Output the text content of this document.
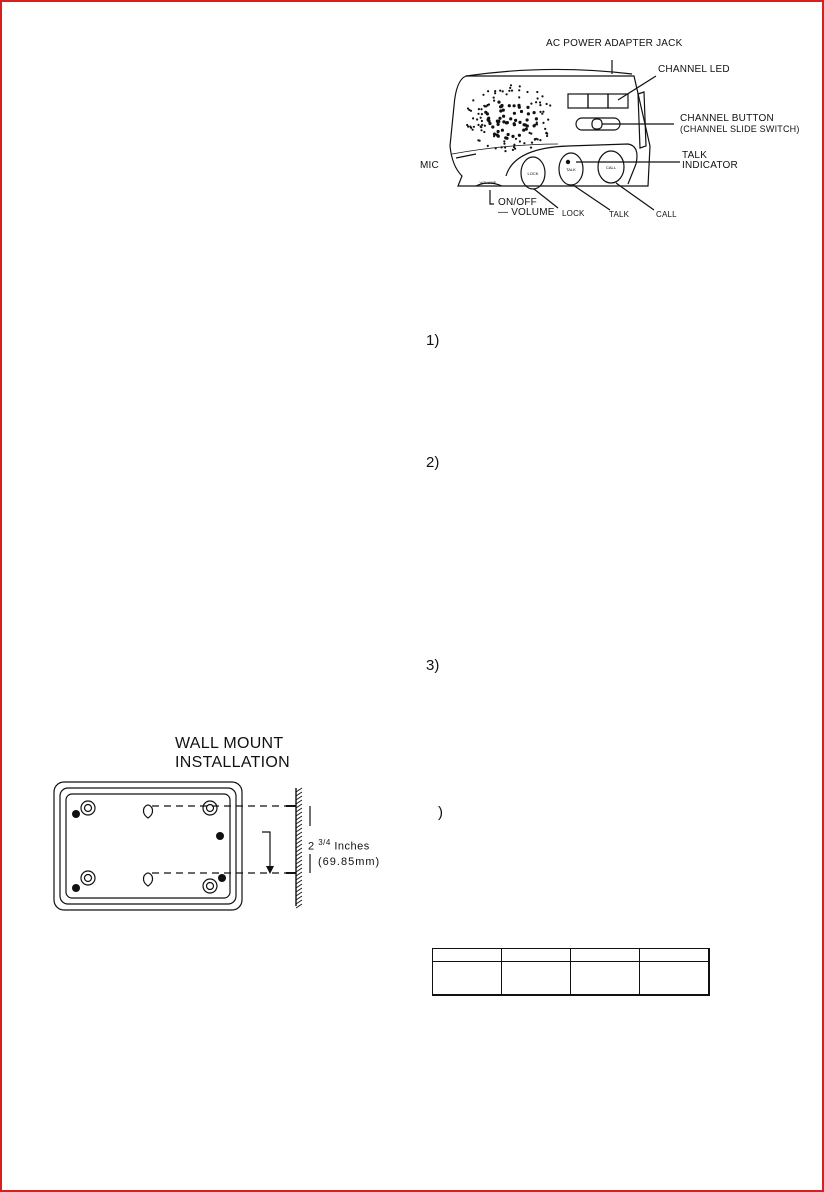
LOCK
TALK	CALL
VOLUME
AC POWER ADAPTER JACK
CHANNEL LED
CHANNEL BUTTON
(CHANNEL SLIDE SWITCH)
TALK
INDICATOR
MIC
ON/OFF
— VOLUME LOCK	TALK	CALL
1)
2)
3)
)
WALL MOUNT
INSTALLATION
2 $^{3/4}$ Inches
(69.85mm)
